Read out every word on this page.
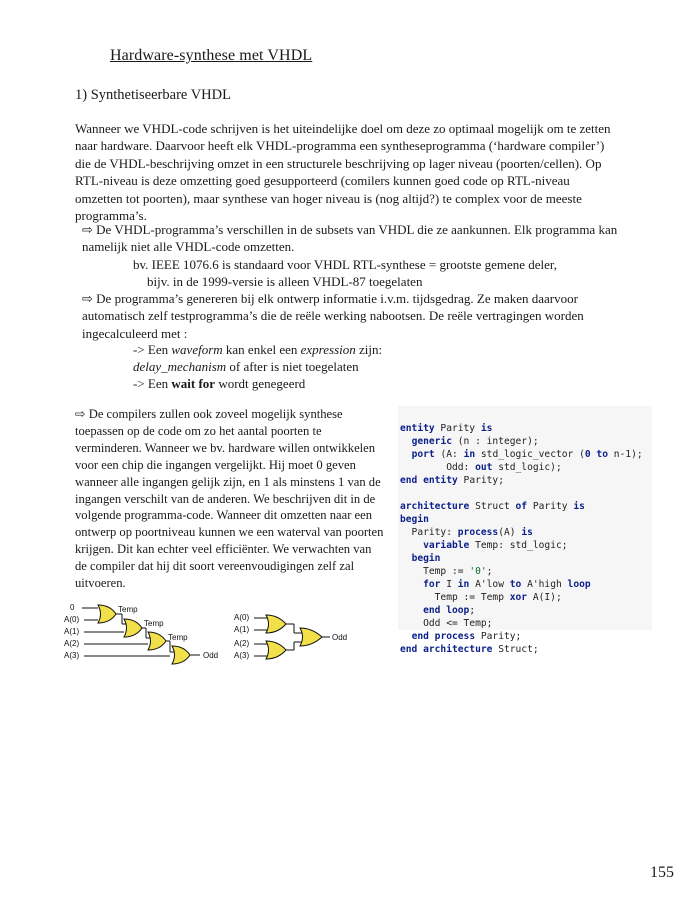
Hardware-synthese met VHDL
1) Synthetiseerbare VHDL
Wanneer we VHDL-code schrijven is het uiteindelijke doel om deze zo optimaal mogelijk om te zetten naar hardware. Daarvoor heeft elk VHDL-programma een syntheseprogramma (‘hardware compiler’) die de VHDL-beschrijving omzet in een structurele beschrijving op lager niveau (poorten/cellen). Op RTL-niveau is deze omzetting goed gesupporteerd (comilers kunnen goed code op RTL-niveau omzetten tot poorten), maar synthese van hoger niveau is (nog altijd?) te complex voor de meeste programma’s.
⇨ De VHDL-programma’s verschillen in de subsets van VHDL die ze aankunnen. Elk programma kan namelijk niet alle VHDL-code omzetten.
bv. IEEE 1076.6 is standaard voor VHDL RTL-synthese = grootste gemene deler,
bijv. in de 1999-versie is alleen VHDL-87 toegelaten
⇨ De programma’s genereren bij elk ontwerp informatie i.v.m. tijdsgedrag. Ze maken daarvoor automatisch zelf testprogramma’s die de reële werking nabootsen. De reële vertragingen worden ingecalculeerd met :
-> Een waveform kan enkel een expression zijn:
delay_mechanism of after is niet toegelaten
-> Een wait for wordt genegeerd
⇨ De compilers zullen ook zoveel mogelijk synthese toepassen op de code om zo het aantal poorten te verminderen. Wanneer we bv. hardware willen ontwikkelen voor een chip die ingangen vergelijkt. Hij moet 0 geven wanneer alle ingangen gelijk zijn, en 1 als minstens 1 van de ingangen verschilt van de anderen. We beschrijven dit in de volgende programma-code. Wanneer dit omzetten naar een ontwerp op poortniveau kunnen we een waterval van poorten krijgen. Dit kan echter veel efficiënter. We verwachten van de compiler dat hij dit soort vereenvoudigingen zelf zal uitvoeren.

entity Parity is
generic (n : integer);
port (A: in std_logic_vector (0 to n-1);
Odd: out std_logic);
end entity Parity;

architecture Struct of Parity is
begin
Parity: process(A) is
variable Temp: std_logic;
begin
Temp := '0';
for I in A'low to A'high loop
Temp := Temp xor A(I);
end loop;
Odd <= Temp;
end process Parity;
end architecture Struct;

0
A(0)
A(1)
A(2)
A(3)
Temp
Temp
Temp
Odd
A(0)
A(1)
A(2)
A(3)
Odd
155
